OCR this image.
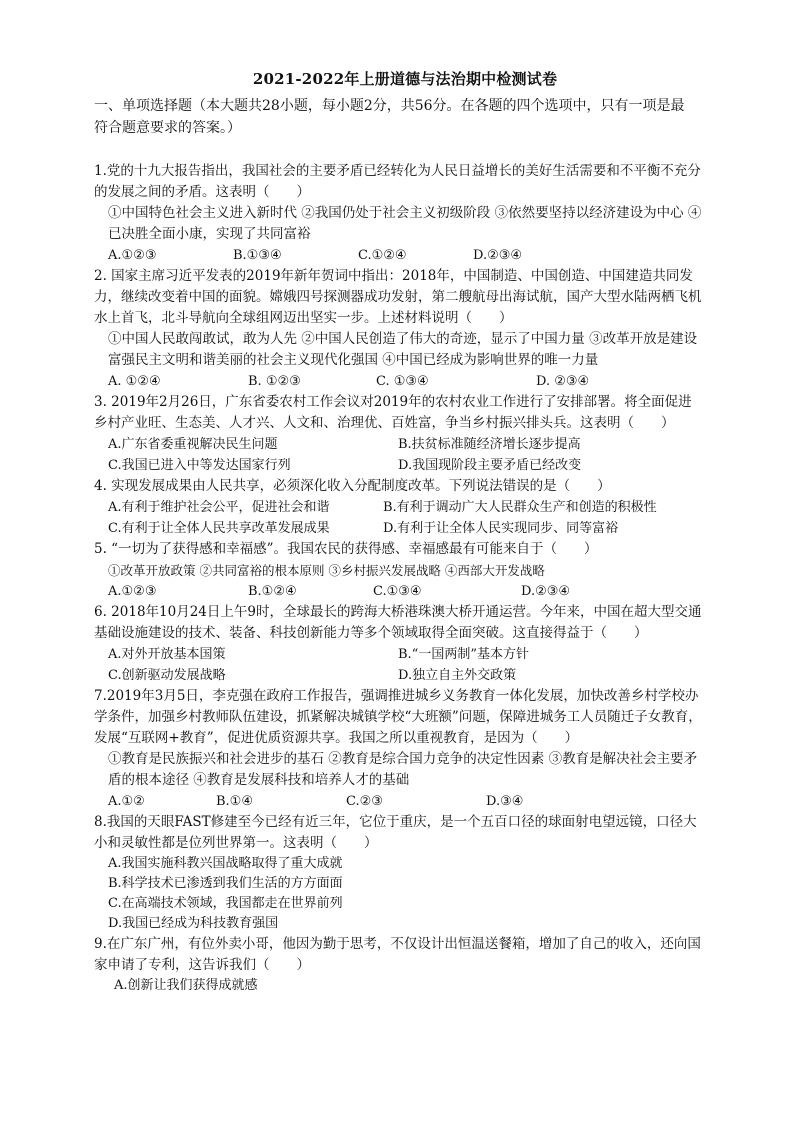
2021-2022年上册道德与法治期中检测试卷
一、单项选择题（本大题共28小题，每小题2分，共56分。在各题的四个选项中，只有一项是最符合题意要求的答案。）
1.党的十九大报告指出，我国社会的主要矛盾已经转化为人民日益增长的美好生活需要和不平衡不充分的发展之间的矛盾。这表明（　　）
①中国特色社会主义进入新时代 ②我国仍处于社会主义初级阶段 ③依然要坚持以经济建设为中心 ④已决胜全面小康，实现了共同富裕
A.①②③	B.①③④	C.①②④	D.②③④
2. 国家主席习近平发表的2019年新年贺词中指出：2018年，中国制造、中国创造、中国建造共同发力，继续改变着中国的面貌。嫦娥四号探测器成功发射，第二艘航母出海试航，国产大型水陆两栖飞机水上首飞，北斗导航向全球组网迈出坚实一步。上述材料说明（　　）
①中国人民敢闯敢试，敢为人先 ②中国人民创造了伟大的奇迹，显示了中国力量 ③改革开放是建设富强民主文明和谐美丽的社会主义现代化强国 ④中国已经成为影响世界的唯一力量
A. ①②④	B. ①②③	C. ①③④	D. ②③④
3. 2019年2月26日，广东省委农村工作会议对2019年的农村农业工作进行了安排部署。将全面促进乡村产业旺、生态美、人才兴、人文和、治理优、百姓富，争当乡村振兴排头兵。这表明（　　）
A.广东省委重视解决民生问题	B.扶贫标准随经济增长逐步提高
C.我国已进入中等发达国家行列	D.我国现阶段主要矛盾已经改变
4. 实现发展成果由人民共享，必须深化收入分配制度改革。下列说法错误的是（　　）
A.有利于维护社会公平，促进社会和谐	B.有利于调动广大人民群众生产和创造的积极性
C.有利于让全体人民共享改革发展成果	D.有利于让全体人民实现同步、同等富裕
5. “一切为了获得感和幸福感”。我国农民的获得感、幸福感最有可能来自于（　　）
①改革开放政策 ②共同富裕的根本原则 ③乡村振兴发展战略 ④西部大开发战略
A.①②③	B.①②④	C.①③④	D.②③④
6. 2018年10月24日上午9时，全球最长的跨海大桥港珠澳大桥开通运营。今年来，中国在超大型交通基础设施建设的技术、装备、科技创新能力等多个领域取得全面突破。这直接得益于（　　）
A.对外开放基本国策	B.“一国两制”基本方针
C.创新驱动发展战略	D.独立自主外交政策
7.2019年3月5日，李克强在政府工作报告，强调推进城乡义务教育一体化发展，加快改善乡村学校办学条件，加强乡村教师队伍建设，抓紧解决城镇学校“大班额”问题，保障进城务工人员随迁子女教育，发展“互联网+教育”，促进优质资源共享。我国之所以重视教育，是因为（　　）
①教育是民族振兴和社会进步的基石 ②教育是综合国力竞争的决定性因素 ③教育是解决社会主要矛盾的根本途径 ④教育是发展科技和培养人才的基础
A.①②	B.①④	C.②③	D.③④
8.我国的天眼FAST修建至今已经有近三年，它位于重庆，是一个五百口径的球面射电望远镜，口径大小和灵敏性都是位列世界第一。这表明（　　）
A.我国实施科教兴国战略取得了重大成就
B.科学技术已渗透到我们生活的方方面面
C.在高端技术领域，我国都走在世界前列
D.我国已经成为科技教育强国
9.在广东广州，有位外卖小哥，他因为勤于思考，不仅设计出恒温送餐箱，增加了自己的收入，还向国家申请了专利，这告诉我们（　　）
A.创新让我们获得成就感
